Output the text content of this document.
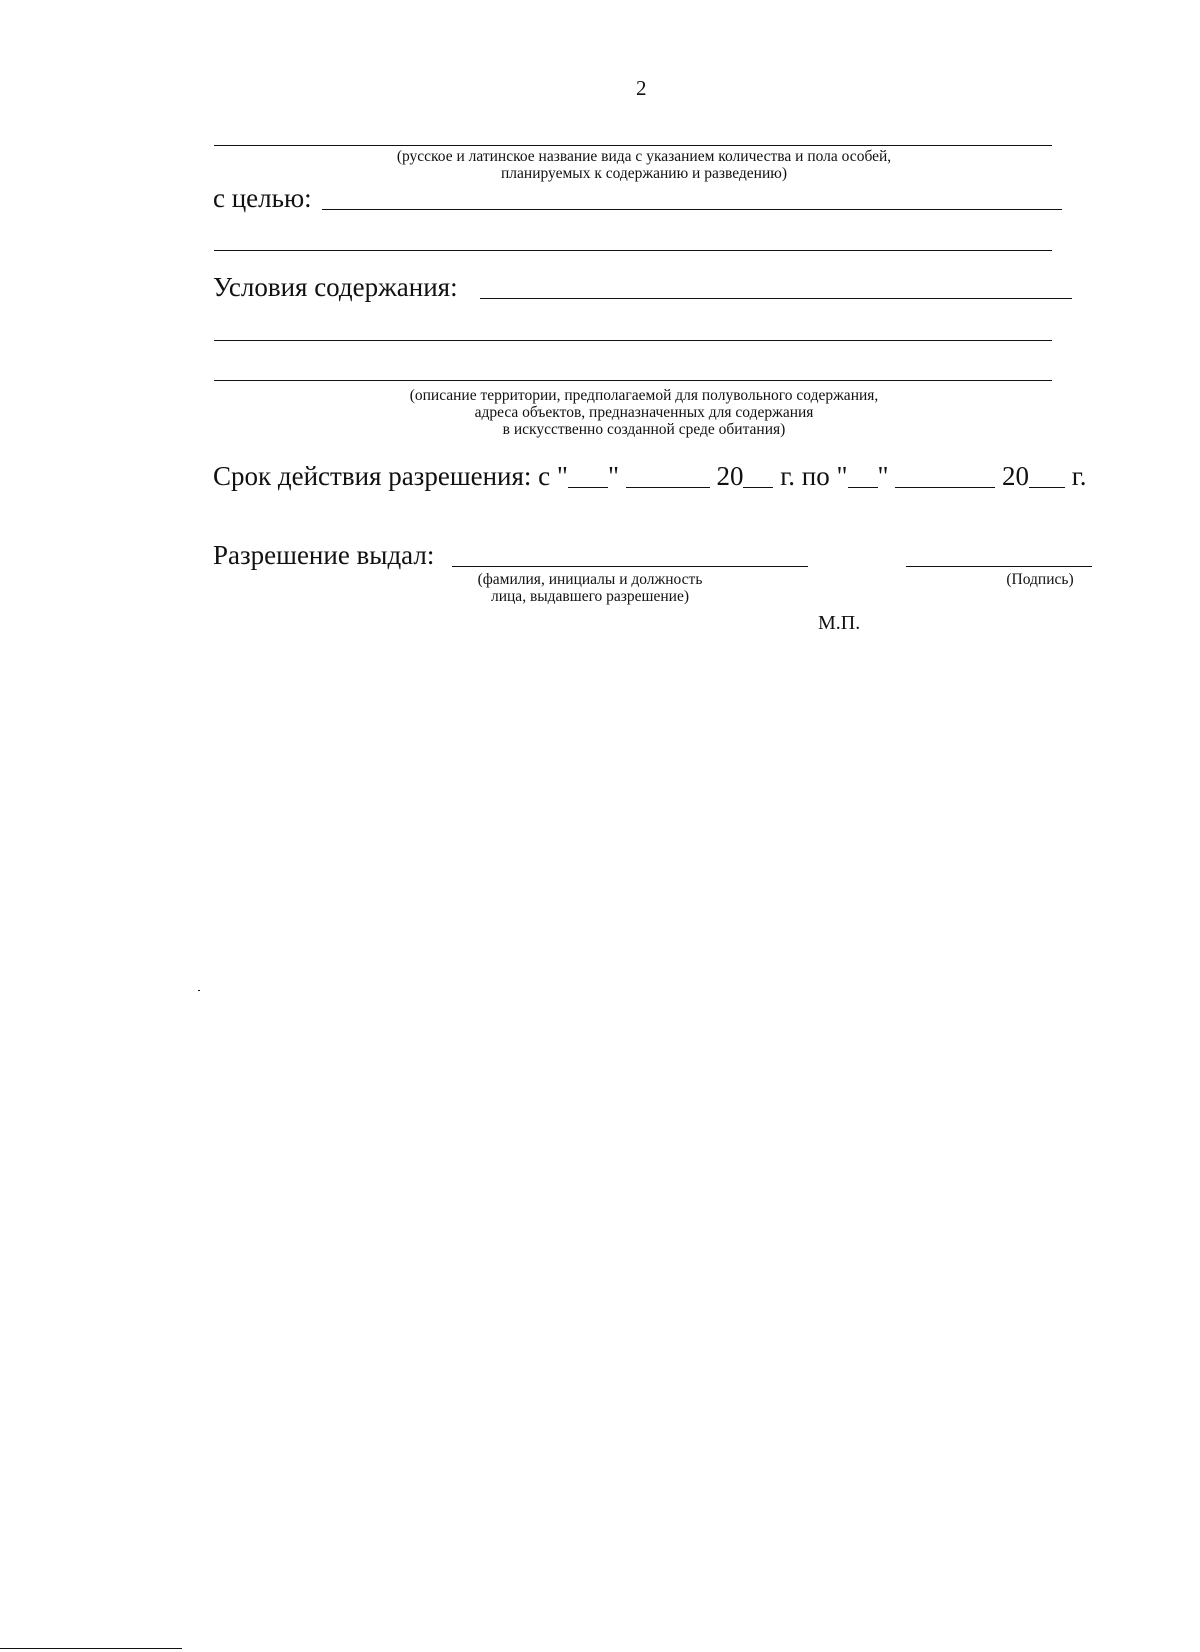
2
(русское и латинское название вида с указанием количества и пола особей,
планируемых к содержанию и разведению)
с целью:
Условия содержания:
(описание территории, предполагаемой для полувольного содержания,
адреса объектов, предназначенных для содержания
в искусственно созданной среде обитания)
Срок действия разрешения: с " "	20 г. по " "	20 г.
Разрешение выдал:
(фамилия, инициалы и должность
лица, выдавшего разрешение)
(Подпись)
М.П.
